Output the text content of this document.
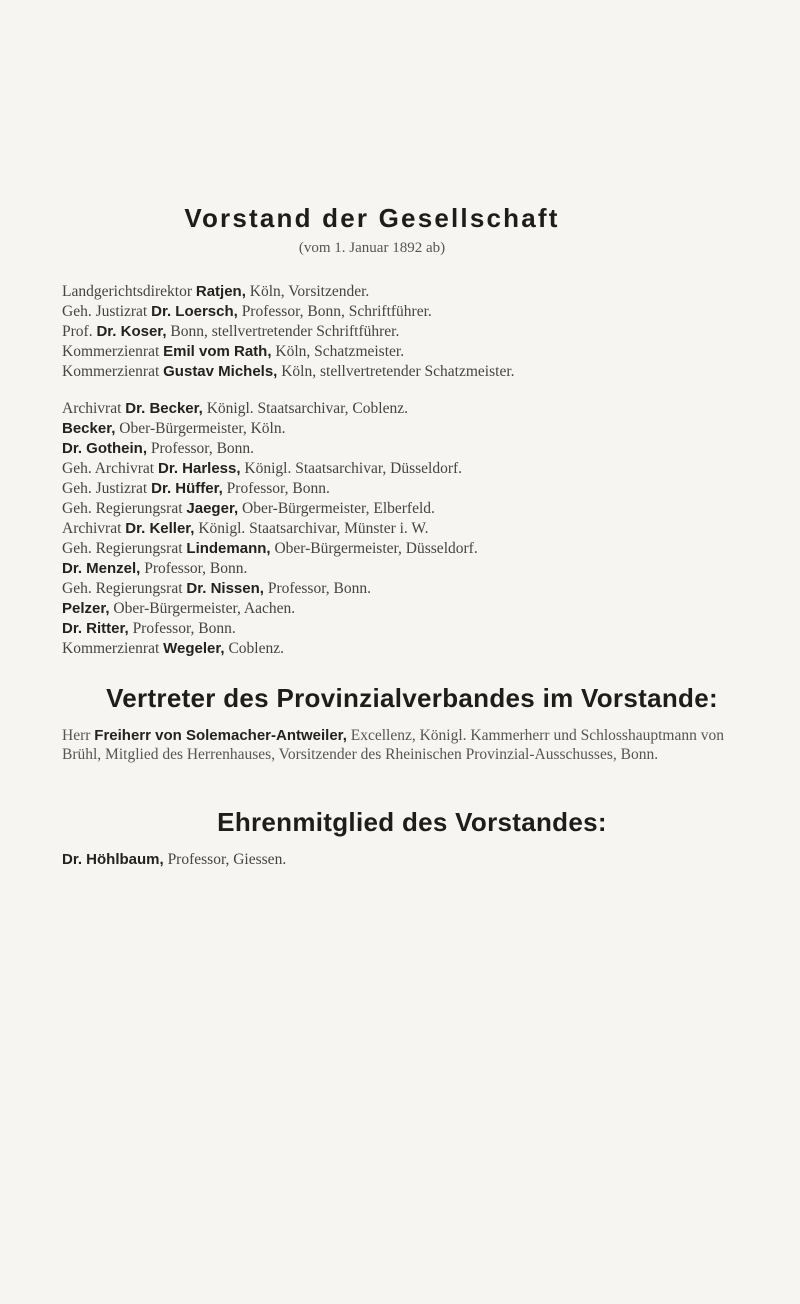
Vorstand der Gesellschaft
(vom 1. Januar 1892 ab)
Landgerichtsdirektor Ratjen, Köln, Vorsitzender.
Geh. Justizrat Dr. Loersch, Professor, Bonn, Schriftführer.
Prof. Dr. Koser, Bonn, stellvertretender Schriftführer.
Kommerzienrat Emil vom Rath, Köln, Schatzmeister.
Kommerzienrat Gustav Michels, Köln, stellvertretender Schatzmeister.
Archivrat Dr. Becker, Königl. Staatsarchivar, Coblenz.
Becker, Ober-Bürgermeister, Köln.
Dr. Gothein, Professor, Bonn.
Geh. Archivrat Dr. Harless, Königl. Staatsarchivar, Düsseldorf.
Geh. Justizrat Dr. Hüffer, Professor, Bonn.
Geh. Regierungsrat Jaeger, Ober-Bürgermeister, Elberfeld.
Archivrat Dr. Keller, Königl. Staatsarchivar, Münster i. W.
Geh. Regierungsrat Lindemann, Ober-Bürgermeister, Düsseldorf.
Dr. Menzel, Professor, Bonn.
Geh. Regierungsrat Dr. Nissen, Professor, Bonn.
Pelzer, Ober-Bürgermeister, Aachen.
Dr. Ritter, Professor, Bonn.
Kommerzienrat Wegeler, Coblenz.
Vertreter des Provinzialverbandes im Vorstande:
Herr Freiherr von Solemacher-Antweiler, Excellenz, Königl. Kammerherr und Schlosshauptmann von Brühl, Mitglied des Herrenhauses, Vorsitzender des Rheinischen Provinzial-Ausschusses, Bonn.
Ehrenmitglied des Vorstandes:
Dr. Höhlbaum, Professor, Giessen.
